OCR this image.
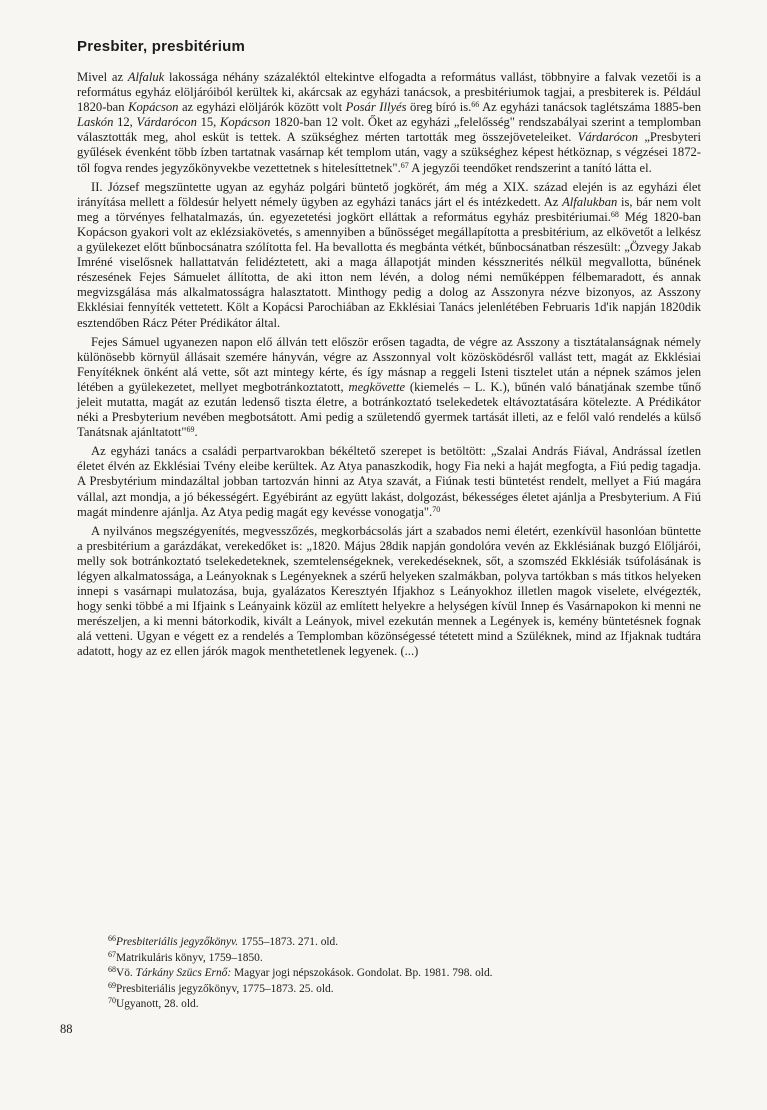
Presbiter, presbitérium

Mivel az Alfaluk lakossága néhány százaléktól eltekintve elfogadta a református vallást, többnyire a falvak vezetői is a református egyház elöljáróiból kerültek ki, akárcsak az egyházi tanácsok, a presbitériumok tagjai, a presbiterek is. Például 1820-ban Kopácson az egyházi elöljárók között volt Posár Illyés öreg bíró is.$^{66}$ Az egyházi tanácsok taglétszáma 1885-ben Laskón 12, Várdarócon 15, Kopácson 1820-ban 12 volt. Őket az egyházi „felelősség" rendszabályai szerint a templomban választották meg, ahol esküt is tettek. A szükséghez mérten tartották meg összejöveteleiket. Várdarócon „Presbyteri gyűlések évenként több ízben tartatnak vasárnap két templom után, vagy a szükséghez képest hétköznap, s végzései 1872-től fogva rendes jegyzőkönyvekbe vezettetnek s hitelesíttetnek".$^{67}$ A jegyzői teendőket rendszerint a tanító látta el.

II. József megszüntette ugyan az egyház polgári büntető jogkörét, ám még a XIX. század elején is az egyházi élet irányítása mellett a földesúr helyett némely ügyben az egyházi tanács járt el és intézkedett. Az Alfalukban is, bár nem volt meg a törvényes felhatalmazás, ún. egyezetetési jogkört elláttak a református egyház presbitériumai.$^{68}$ Még 1820-ban Kopácson gyakori volt az eklézsiakövetés, s amennyiben a bűnösséget megállapította a presbitérium, az elkövetőt a lelkész a gyülekezet előtt bűnbocsánatra szólította fel. Ha bevallotta és megbánta vétkét, bűnbocsánatban részesült: „Özvegy Jakab Imréné viselősnek hallattatván felidéztetett, aki a maga állapotját minden késsznerités nélkül megvallotta, bűnének részesének Fejes Sámuelet állította, de aki itton nem lévén, a dolog némi neműképpen félbemaradott, és annak megvizsgálása más alkalmatosságra halasztatott. Minthogy pedig a dolog az Asszonyra nézve bizonyos, az Asszony Ekklésiai fennyíték vettetett. Költ a Kopácsi Parochiában az Ekklésiai Tanács jelenlétében Februaris 1d'ik napján 1820dik esztendőben Rácz Péter Prédikátor által.

Fejes Sámuel ugyanezen napon elő állván tett először erősen tagadta, de végre az Asszony a tisztátalanságnak némely különösebb környül állásait szemére hányván, végre az Asszonnyal volt közösködésről vallást tett, magát az Ekklésiai Fenyítéknek önként alá vette, sőt azt mintegy kérte, és így másnap a reggeli Isteni tisztelet után a népnek számos jelen létében a gyülekezetet, mellyet megbotránkoztatott, megkövette (kiemelés – L. K.), bűnén való bánatjának szembe tűnő jeleit mutatta, magát az ezután ledenső tiszta életre, a botránkoztató tselekedetek eltávoztatására kötelezte. A Prédikátor néki a Presbyterium nevében megbotsátott. Ami pedig a születendő gyermek tartását illeti, az e felől való rendelés a külső Tanátsnak ajánltatott"$^{69}$.

Az egyházi tanács a családi perpartvarokban békéltető szerepet is betöltött: „Szalai András Fiával, Andrással ízetlen életet élvén az Ekklésiai Tvény eleibe kerültek. Az Atya panaszkodik, hogy Fia neki a haját megfogta, a Fiú pedig tagadja. A Presbytérium mindazáltal jobban tartozván hinni az Atya szavát, a Fiúnak testi büntetést rendelt, mellyet a Fiú magára vállal, azt mondja, a jó békességért. Egyébiránt az együtt lakást, dolgozást, békességes életet ajánlja a Presbyterium. A Fiú magát mindenre ajánlja. Az Atya pedig magát egy kevéssе vonogatja".$^{70}$

A nyilvános megszégyenítés, megvesszőzés, megkorbácsolás járt a szabados nemi életért, ezenkívül hasonlóan büntette a presbitérium a garázdákat, verekedőket is: „1820. Május 28dik napján gondolóra vevén az Ekklésiának buzgó Előljárói, melly sok botránkoztató tselekedeteknek, szemtelenségeknek, verekedéseknek, sőt, a szomszéd Ekklésiák tsúfolásának is légyen alkalmatossága, a Leányoknak s Legényeknek a szérű helyeken szalmákban, polyva tartókban s más titkos helyeken innepi s vasárnapi mulatozása, buja, gyalázatos Keresztyén Ifjakhoz s Leányokhoz illetlen magok viselete, elvégezték, hogy senki többé a mi Ifjaink s Leányaink közül az említett helyekre a helységen kívül Innep és Vasárnapokon ki menni ne merészeljen, a ki menni bátorkodik, kivált a Leányok, mivel ezekután mennek a Legények is, kemény büntetésnek fognak alá vetteni. Ugyan e végett ez a rendelés a Templomban közönségessé tétetett mind a Szüléknek, mind az Ifjaknak tudtára adatott, hogy az ez ellen járók magok menthetetlenek legyenek. (...)

$^{66}$Presbiteriális jegyzőkönyv. 1755–1873. 271. old.
$^{67}$Matrikuláris könyv, 1759–1850.
$^{68}$Vö. Tárkány Szücs Ernő: Magyar jogi népszokások. Gondolat. Bp. 1981. 798. old.
$^{69}$Presbiteriális jegyzőkönyv, 1775–1873. 25. old.
$^{70}$Ugyanott, 28. old.
88
